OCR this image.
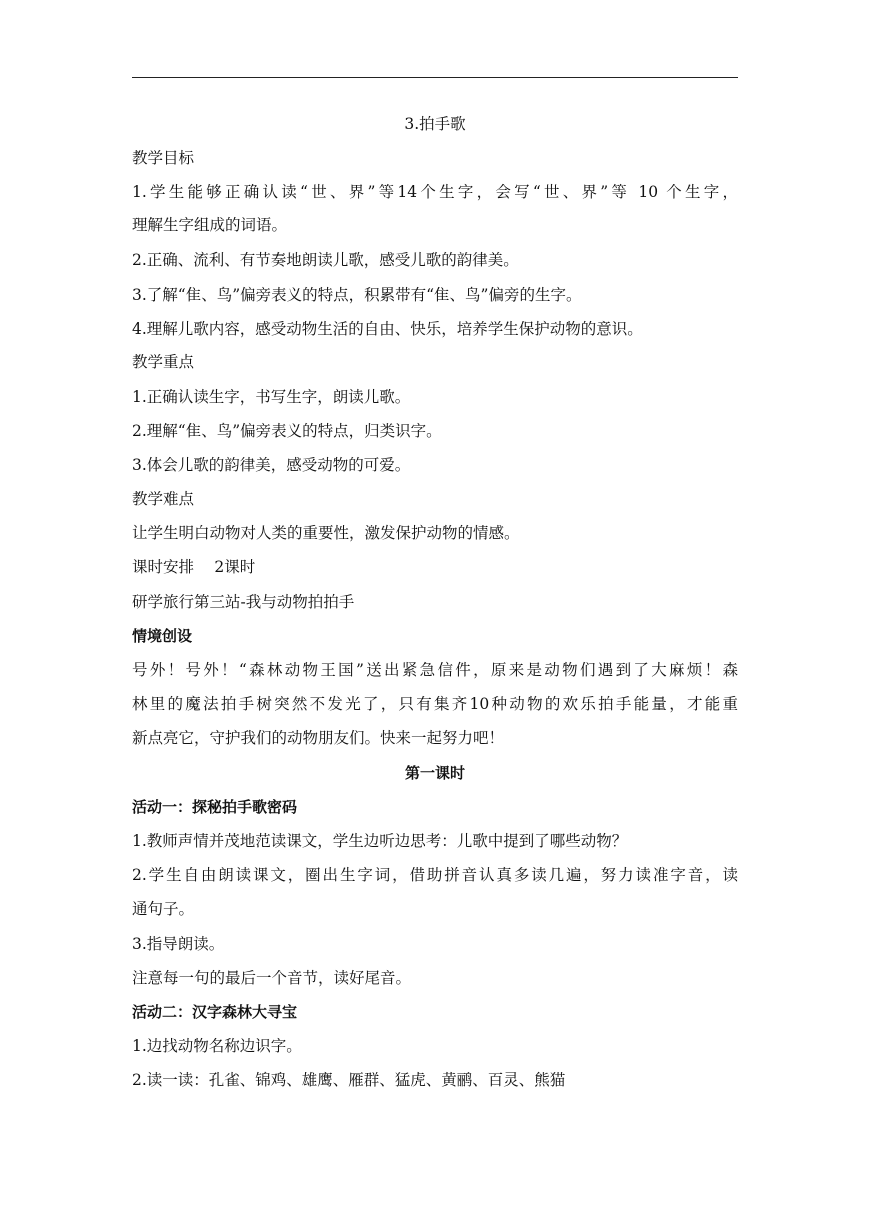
3.拍手歌
教学目标
1.学生能够正确认读“世、界”等14个生字，会写“世、界”等 10 个生字，
理解生字组成的词语。
2.正确、流利、有节奏地朗读儿歌，感受儿歌的韵律美。
3.了解“隹、鸟”偏旁表义的特点，积累带有“隹、鸟”偏旁的生字。
4.理解儿歌内容，感受动物生活的自由、快乐，培养学生保护动物的意识。
教学重点
1.正确认读生字，书写生字，朗读儿歌。
2.理解“隹、鸟”偏旁表义的特点，归类识字。
3.体会儿歌的韵律美，感受动物的可爱。
教学难点
让学生明白动物对人类的重要性，激发保护动物的情感。
课时安排　 2课时
研学旅行第三站-我与动物拍拍手
情境创设
号外！号外！“森林动物王国”送出紧急信件，原来是动物们遇到了大麻烦！森
林里的魔法拍手树突然不发光了，只有集齐10种动物的欢乐拍手能量，才能重
新点亮它，守护我们的动物朋友们。快来一起努力吧！
第一课时
活动一：探秘拍手歌密码
1.教师声情并茂地范读课文，学生边听边思考：儿歌中提到了哪些动物？
2.学生自由朗读课文，圈出生字词，借助拼音认真多读几遍，努力读准字音，读
通句子。
3.指导朗读。
注意每一句的最后一个音节，读好尾音。
活动二：汉字森林大寻宝
1.边找动物名称边识字。
2.读一读：孔雀、锦鸡、雄鹰、雁群、猛虎、黄鹂、百灵、熊猫
